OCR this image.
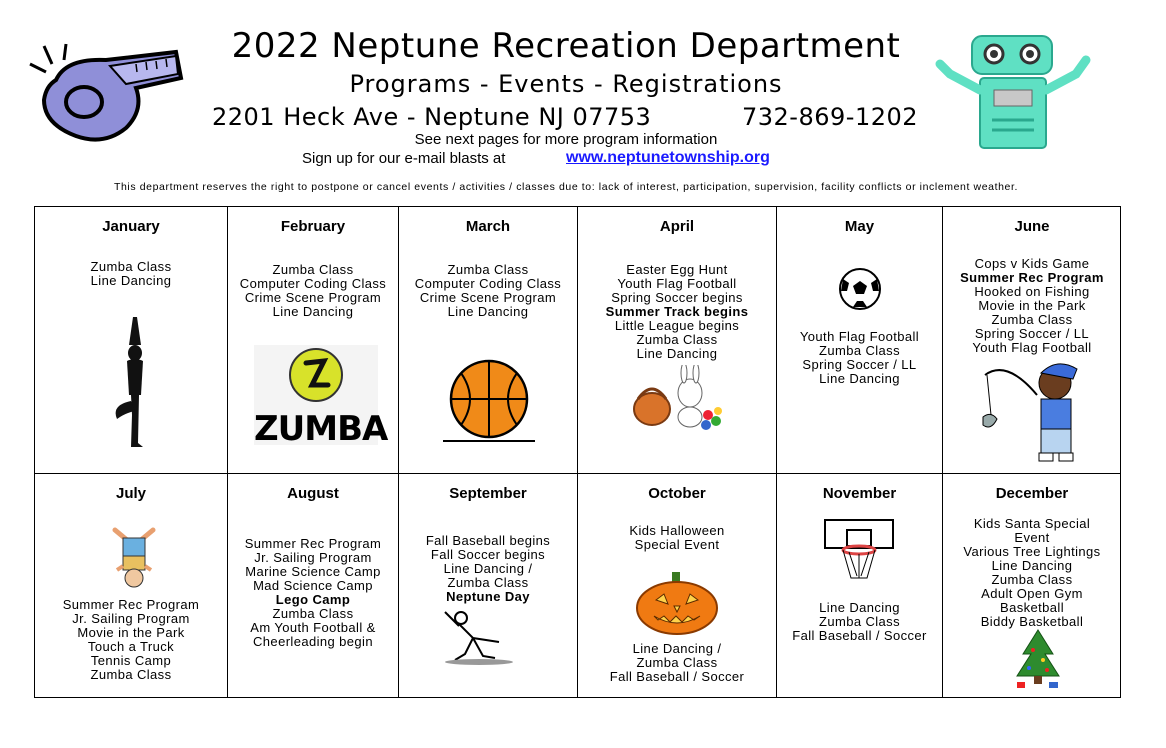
2022 Neptune Recreation Department
Programs - Events - Registrations
2201 Heck Ave - Neptune NJ 07753	732-869-1202
See next pages for more program information
Sign up for our e-mail blasts at	www.neptunetownship.org
This department reserves the right to postpone or cancel events / activities / classes due to: lack of interest, participation, supervision, facility conflicts or inclement weather.
January
Zumba Class
Line Dancing
February
Zumba Class
Computer Coding Class
Crime Scene Program
Line Dancing
ZUMBA
March
Zumba Class
Computer Coding Class
Crime Scene Program
Line Dancing
April
Easter Egg Hunt
Youth Flag Football
Spring Soccer begins
Summer Track begins
Little League begins
Zumba Class
Line Dancing
May
Youth Flag Football
Zumba Class
Spring Soccer / LL
Line Dancing
June
Cops v Kids Game
Summer Rec Program
Hooked on Fishing
Movie in the Park
Zumba Class
Spring Soccer / LL
Youth Flag Football
July
Summer Rec Program
Jr. Sailing Program
Movie in the Park
Touch a Truck
Tennis Camp
Zumba Class
August
Summer Rec Program
Jr. Sailing Program
Marine Science Camp
Mad Science Camp
Lego Camp
Zumba Class
Am Youth Football &
Cheerleading begin
September
Fall Baseball begins
Fall Soccer begins
Line Dancing /
Zumba Class
Neptune Day
October
Kids Halloween
Special Event
Line Dancing /
Zumba Class
Fall Baseball / Soccer
November
Line Dancing
Zumba Class
Fall Baseball / Soccer
December
Kids Santa Special
Event
Various Tree Lightings
Line Dancing
Zumba Class
Adult Open Gym
Basketball
Biddy Basketball
